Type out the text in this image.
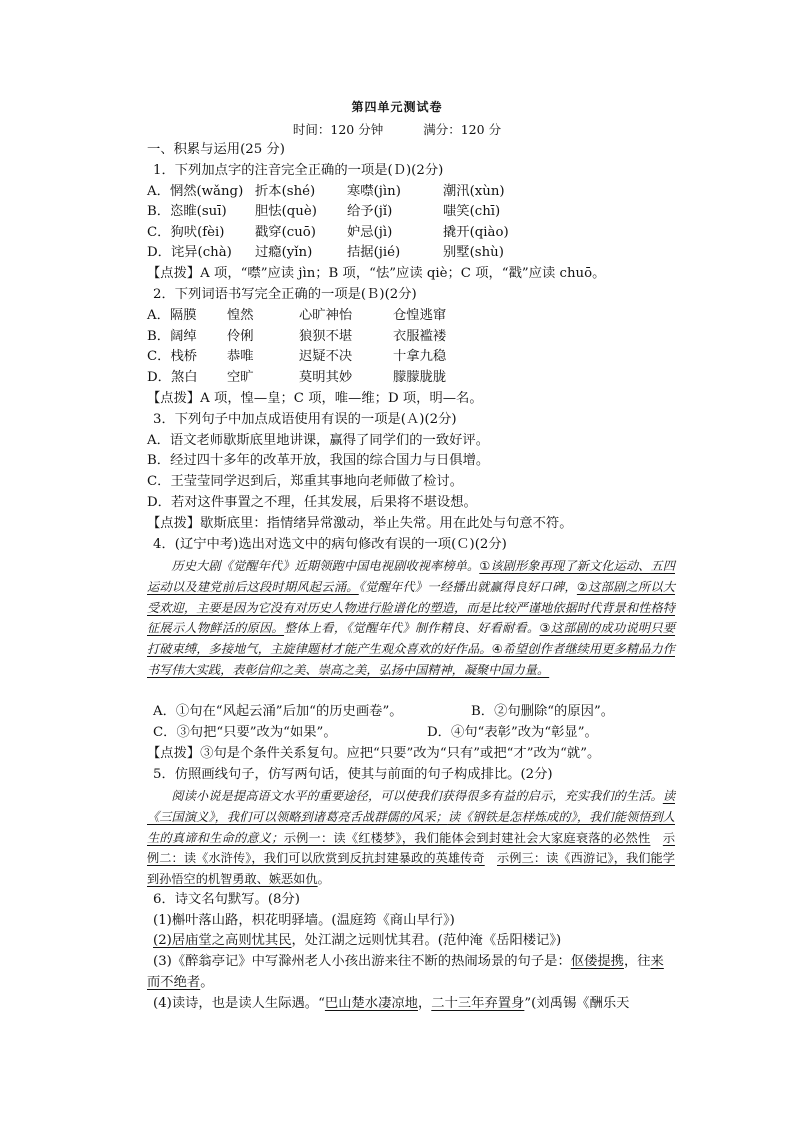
第四单元测试卷
时间：120 分钟	满分：120 分
一、积累与运用(25 分)
1．下列加点字的注音完全正确的一项是(Ｄ)(2分)
A．惘然(wǎng) 折本(shé) 寒噤(jìn)	潮汛(xùn)
B．恣睢(suī) 胆怯(què) 给予(jǐ)	嗤笑(chī)
C．狗吠(fèi) 戳穿(cuō) 妒忌(jì)	撬开(qiào)
D．诧异(chà) 过瘾(yǐn)	拮据(jié)	别墅(shù)
【点拨】A 项，“噤”应读 jìn；B 项，“怯”应读 qiè；C 项，“戳”应读 chuō。
2．下列词语书写完全正确的一项是(Ｂ)(2分)
A．隔膜 惶然	心旷神怡	仓惶逃窜
B．阔绰 伶俐	狼狈不堪	衣服褴褛
C．栈桥 恭唯	迟疑不决	十拿九稳
D．煞白 空旷	莫明其妙	朦朦胧胧
【点拨】A 项，惶—皇；C 项，唯—维；D 项，明—名。
3．下列句子中加点成语使用有误的一项是(Ａ)(2分)
A．语文老师歇斯底里地讲课，赢得了同学们的一致好评。
B．经过四十多年的改革开放，我国的综合国力与日俱增。
C．王莹莹同学迟到后，郑重其事地向老师做了检讨。
D．若对这件事置之不理，任其发展，后果将不堪设想。
【点拨】歇斯底里：指情绪异常激动，举止失常。用在此处与句意不符。
4．(辽宁中考)选出对选文中的病句修改有误的一项(Ｃ)(2分)

历史大剧《觉醒年代》近期领跑中国电视剧收视率榜单。①该剧形象再现了新文化运动、五四运动以及建党前后这段时期风起云涌。《觉醒年代》一经播出就赢得良好口碑，②这部剧之所以大受欢迎，主要是因为它没有对历史人物进行脸谱化的塑造，而是比较严谨地依据时代背景和性格特征展示人物鲜活的原因。整体上看，《觉醒年代》制作精良、好看耐看。③这部剧的成功说明只要打破束缚，多接地气，主旋律题材才能产生观众喜欢的好作品。④希望创作者继续用更多精品力作书写伟大实践，表彰信仰之美、崇高之美，弘扬中国精神，凝聚中国力量。

A．①句在“风起云涌”后加“的历史画卷”。	B．②句删除“的原因”。
C．③句把“只要”改为“如果”。	D．④句“表彰”改为“彰显”。
【点拨】③句是个条件关系复句。应把“只要”改为“只有”或把“才”改为“就”。
5．仿照画线句子，仿写两句话，使其与前面的句子构成排比。(2分)

阅读小说是提高语文水平的重要途径，可以使我们获得很多有益的启示，充实我们的生活。读《三国演义》，我们可以领略到诸葛亮舌战群儒的风采；读《钢铁是怎样炼成的》，我们能领悟到人生的真谛和生命的意义；示例一：读《红楼梦》，我们能体会到封建社会大家庭衰落的必然性　 示例二：读《水浒传》，我们可以欣赏到反抗封建暴政的英雄传奇　 示例三：读《西游记》，我们能学到孙悟空的机智勇敢、嫉恶如仇。

6．诗文名句默写。(8分)
(1)槲叶落山路，枳花明驿墙。(温庭筠《商山早行》)
(2)居庙堂之高则忧其民，处江湖之远则忧其君。(范仲淹《岳阳楼记》)

(3)《醉翁亭记》中写滁州老人小孩出游来往不断的热闹场景的句子是：伛偻提携，往来而不绝者。

(4)读诗，也是读人生际遇。“巴山楚水凄凉地，二十三年弃置身”(刘禹锡《酬乐天
